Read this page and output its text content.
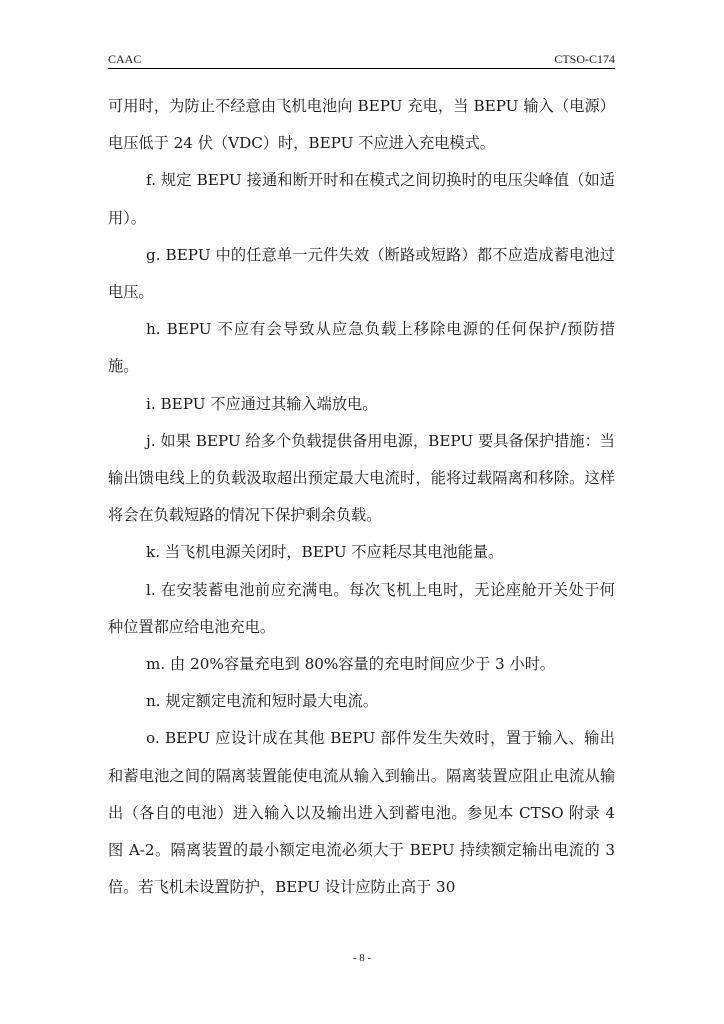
CAAC	CTSO-C174

可用时，为防止不经意由飞机电池向 BEPU 充电，当 BEPU 输入（电源）电压低于 24 伏（VDC）时，BEPU 不应进入充电模式。

f. 规定 BEPU 接通和断开时和在模式之间切换时的电压尖峰值（如适用）。

g. BEPU 中的任意单一元件失效（断路或短路）都不应造成蓄电池过电压。

h. BEPU 不应有会导致从应急负载上移除电源的任何保护/预防措施。

i. BEPU 不应通过其输入端放电。

j. 如果 BEPU 给多个负载提供备用电源，BEPU 要具备保护措施：当输出馈电线上的负载汲取超出预定最大电流时，能将过载隔离和移除。这样将会在负载短路的情况下保护剩余负载。

k. 当飞机电源关闭时，BEPU 不应耗尽其电池能量。

l. 在安装蓄电池前应充满电。每次飞机上电时，无论座舱开关处于何种位置都应给电池充电。

m. 由 20%容量充电到 80%容量的充电时间应少于 3 小时。

n. 规定额定电流和短时最大电流。

o. BEPU 应设计成在其他 BEPU 部件发生失效时，置于输入、输出和蓄电池之间的隔离装置能使电流从输入到输出。隔离装置应阻止电流从输出（各自的电池）进入输入以及输出进入到蓄电池。参见本 CTSO 附录 4 图 A-2。隔离装置的最小额定电流必须大于 BEPU 持续额定输出电流的 3 倍。若飞机未设置防护，BEPU 设计应防止高于 30

- 8 -
